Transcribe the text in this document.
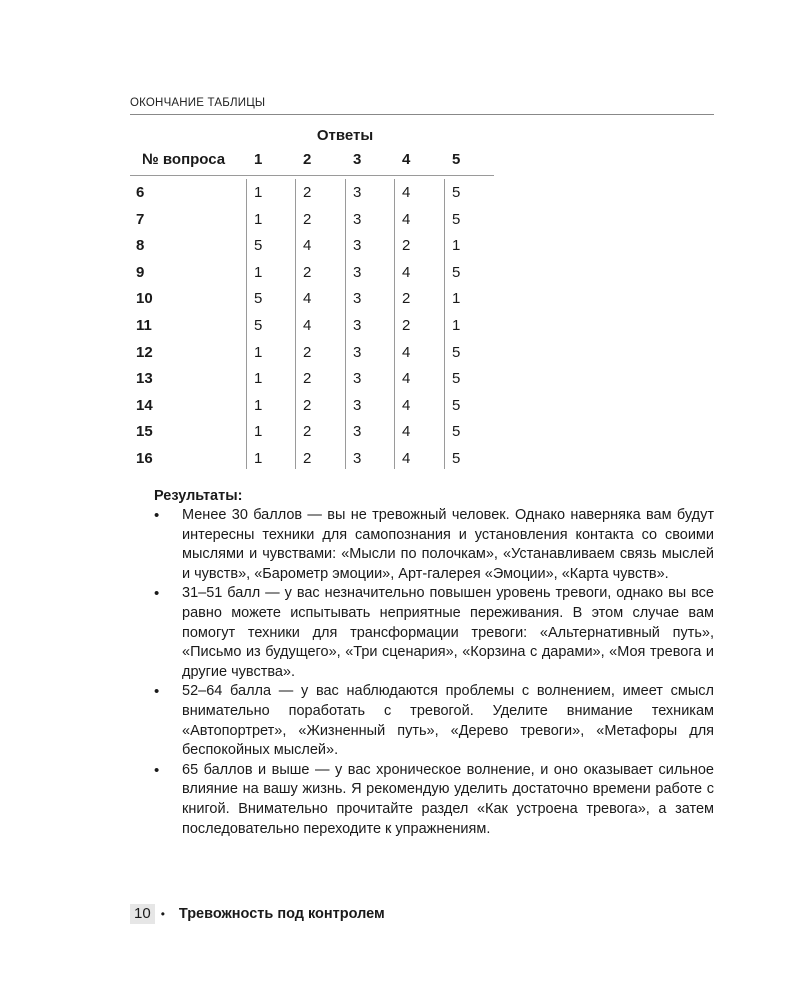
ОКОНЧАНИЕ ТАБЛИЦЫ
Ответы
№ вопроса 1	2	3	4	5
6	1	2	3	4	5
7	1	2	3	4	5
8	5	4	3	2	1
9	1	2	3	4	5
10	5	4	3	2	1
11	5	4	3	2	1
12	1	2	3	4	5
13	1	2	3	4	5
14	1	2	3	4	5
15	1	2	3	4	5
16	1	2	3	4	5
Результаты:
• Менее 30 баллов — вы не тревожный человек. Однако наверняка вам будут интересны техники для самопознания и установления контакта со своими мыслями и чувствами: «Мысли по полочкам», «Устанавливаем связь мыслей и чувств», «Барометр эмоции», Арт-галерея «Эмоции», «Карта чувств».
• 31–51 балл — у вас незначительно повышен уровень тревоги, однако вы все равно можете испытывать неприятные переживания. В этом случае вам помогут техники для трансформации тревоги: «Альтернативный путь», «Письмо из будущего», «Три сценария», «Корзина с дарами», «Моя тревога и другие чувства».
• 52–64 балла — у вас наблюдаются проблемы с волнением, имеет смысл внимательно поработать с тревогой. Уделите внимание техникам «Автопортрет», «Жизненный путь», «Дерево тревоги», «Метафоры для беспокойных мыслей».
• 65 баллов и выше — у вас хроническое волнение, и оно оказывает сильное влияние на вашу жизнь. Я рекомендую уделить достаточно времени работе с книгой. Внимательно прочитайте раздел «Как устроена тревога», а затем последовательно переходите к упражнениям.
10 • Тревожность под контролем
